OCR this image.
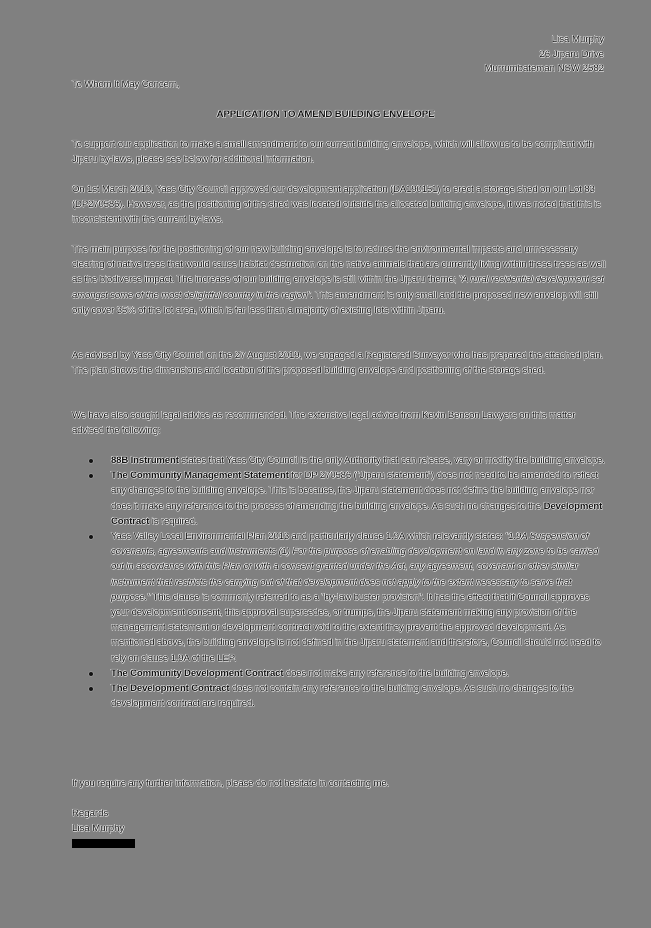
Lisa Murphy
26 Jiparu Drive
Murrumbateman NSW 2582
To Whom It May Concern,
APPLICATION TO AMEND BUILDING ENVELOPE
To support our application to make a small amendment to our current building envelope, which will allow us to be compliant with Jiparu by-laws, please see below for additional information.
On 1st March 2019, Yass City Council approved our development application (DA190151) to erect a storage shed on our Lot 83 (DP270586). However, as the positioning of the shed was located outside the allocated building envelope, it was noted that this is inconsistent with the current by-laws.
The main purpose for the positioning of our new building envelope is to reduce the environmental impacts and unnecessary clearing of native trees that would cause habitat destruction on the native animals that are currently living within these trees as well as the biodiverse impact. The increase of our building envelope is still within the Jiparu theme; “A rural residential development set amongst some of the most delightful country in the region”. This amendment is only small and the proposed new envelop will still only cover 35% of the lot area, which is far less than a majority of existing lots within Jiparu.
As advised by Yass City Council on the 27 August 2019, we engaged a Registered Surveyor who has prepared the attached plan. The plan shows the dimensions and location of the proposed building envelope and positioning of the storage shed.
We have also sought legal advice as recommended. The extensive legal advice from Kevin Benson Lawyers on this matter advised the following:
88B Instrument states that Yass City Council is the only Authority that can release, vary or modify the building envelope.
The Community Management Statement for DP 270586 (“Jiparu statement”) does not need to be amended to reflect any changes to the building envelope. This is because, the Jiparu statement does not define the building envelope nor does it make any reference to the process of amending the building envelope. As such no changes to the Development Contract is required.
Yass Valley Local Environmental Plan 2013 and particularly clause 1.9A which relevantly states: “1.9A Suspension of covenants, agreements and instruments (1) For the purpose of enabling development on land in any zone to be carried out in accordance with this Plan or with a consent granted under the Act, any agreement, covenant or other similar instrument that restricts the carrying out of that development does not apply to the extent necessary to serve that purpose.” This clause is commonly referred to as a “by-law buster provision”. It has the effect that if Council approves your development consent, this approval supersedes, or trumps, the Jiparu statement making any provision of the management statement or development contract void to the extent they prevent the approved development. As mentioned above, the building envelope is not defined in the Jiparu statement and therefore, Council should not need to rely on clause 1.9A of the LEP.
The Community Development Contract does not make any reference to the building envelope.
The Development Contract does not contain any reference to the building envelope. As such no changes to the development contract are required.
If you require any further information, please do not hesitate in contacting me.
Regards
Lisa Murphy
